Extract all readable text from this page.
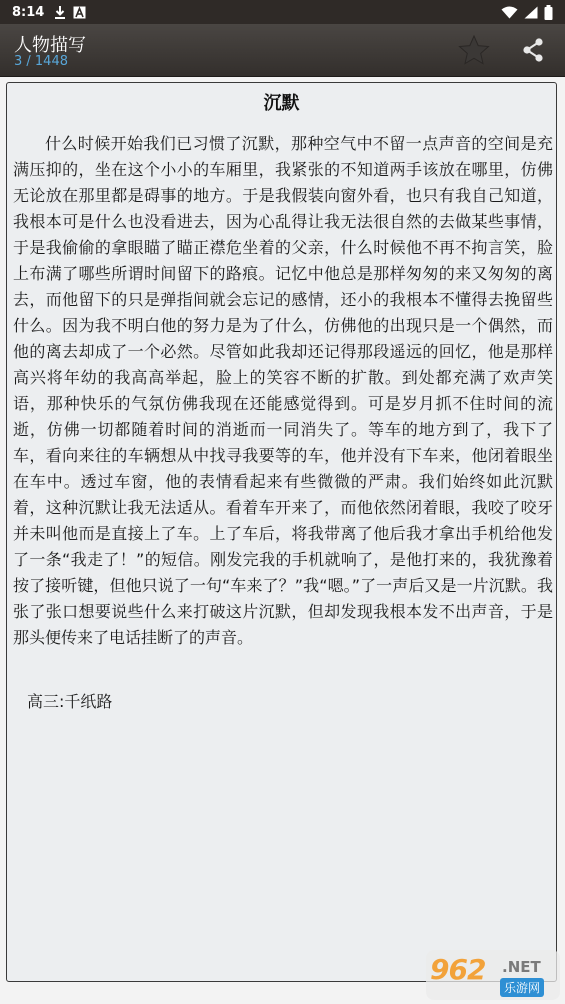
8:14
人物描写
3 / 1448
沉默

什么时候开始我们已习惯了沉默，那种空气中不留一点声音的空间是充满压抑的，坐在这个小小的车厢里，我紧张的不知道两手该放在哪里，仿佛无论放在那里都是碍事的地方。于是我假装向窗外看，也只有我自己知道，我根本可是什么也没看进去，因为心乱得让我无法很自然的去做某些事情，于是我偷偷的拿眼瞄了瞄正襟危坐着的父亲，什么时候他不再不拘言笑，脸上布满了哪些所谓时间留下的路痕。记忆中他总是那样匆匆的来又匆匆的离去，而他留下的只是弹指间就会忘记的感情，还小的我根本不懂得去挽留些什么。因为我不明白他的努力是为了什么，仿佛他的出现只是一个偶然，而他的离去却成了一个必然。尽管如此我却还记得那段遥远的回忆，他是那样高兴将年幼的我高高举起，脸上的笑容不断的扩散。到处都充满了欢声笑语，那种快乐的气氛仿佛我现在还能感觉得到。可是岁月抓不住时间的流逝，仿佛一切都随着时间的消逝而一同消失了。等车的地方到了，我下了车，看向来往的车辆想从中找寻我要等的车，他并没有下车来，他闭着眼坐在车中。透过车窗，他的表情看起来有些微微的严肃。我们始终如此沉默着，这种沉默让我无法适从。看着车开来了，而他依然闭着眼，我咬了咬牙并未叫他而是直接上了车。上了车后，将我带离了他后我才拿出手机给他发了一条“我走了！”的短信。刚发完我的手机就响了，是他打来的，我犹豫着按了接听键，但他只说了一句“车来了？”我“嗯。”了一声后又是一片沉默。我张了张口想要说些什么来打破这片沉默，但却发现我根本发不出声音，于是那头便传来了电话挂断了的声音。

高三:千纸路
962 .NET
乐游网
